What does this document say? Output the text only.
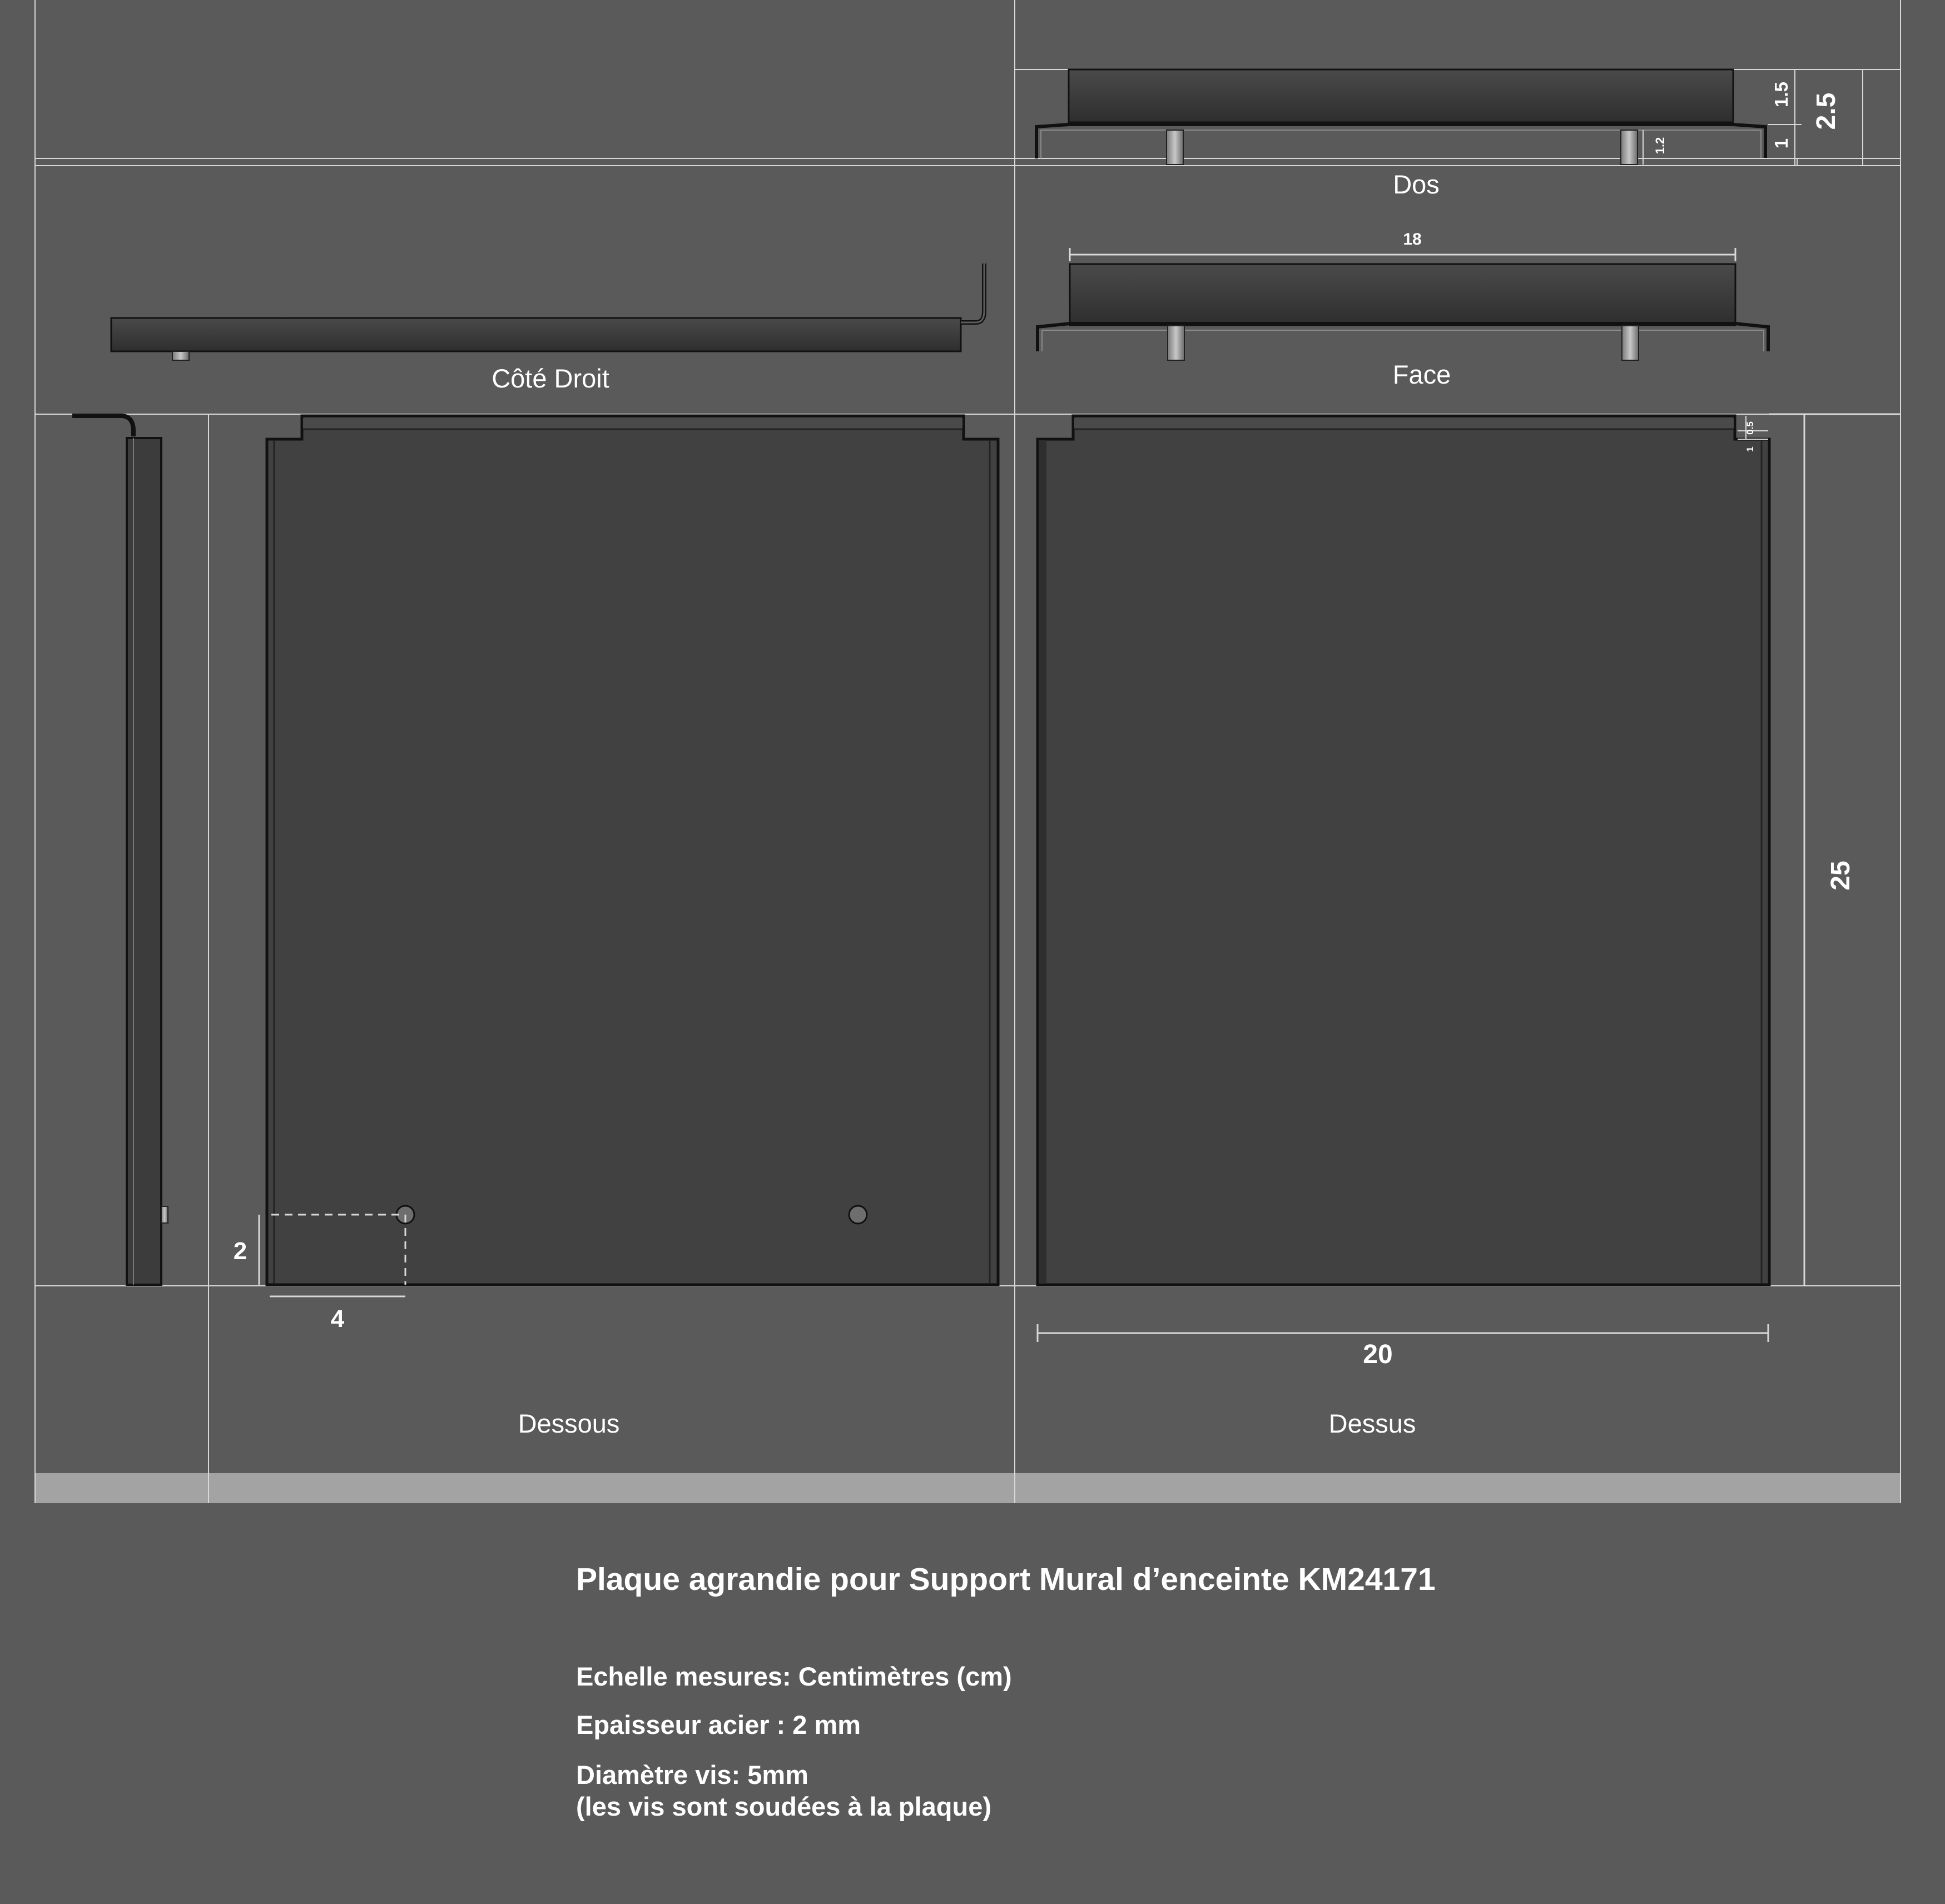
Dos
1.5
1
2.5
1.2
18
Face
Côté Droit
2
4
Dessous
25
20
0.5
1
Dessus
Plaque agrandie pour Support Mural d’enceinte KM24171
Echelle mesures: Centimètres (cm)
Epaisseur acier : 2 mm
Diamètre vis: 5mm
(les vis sont soudées à la plaque)
